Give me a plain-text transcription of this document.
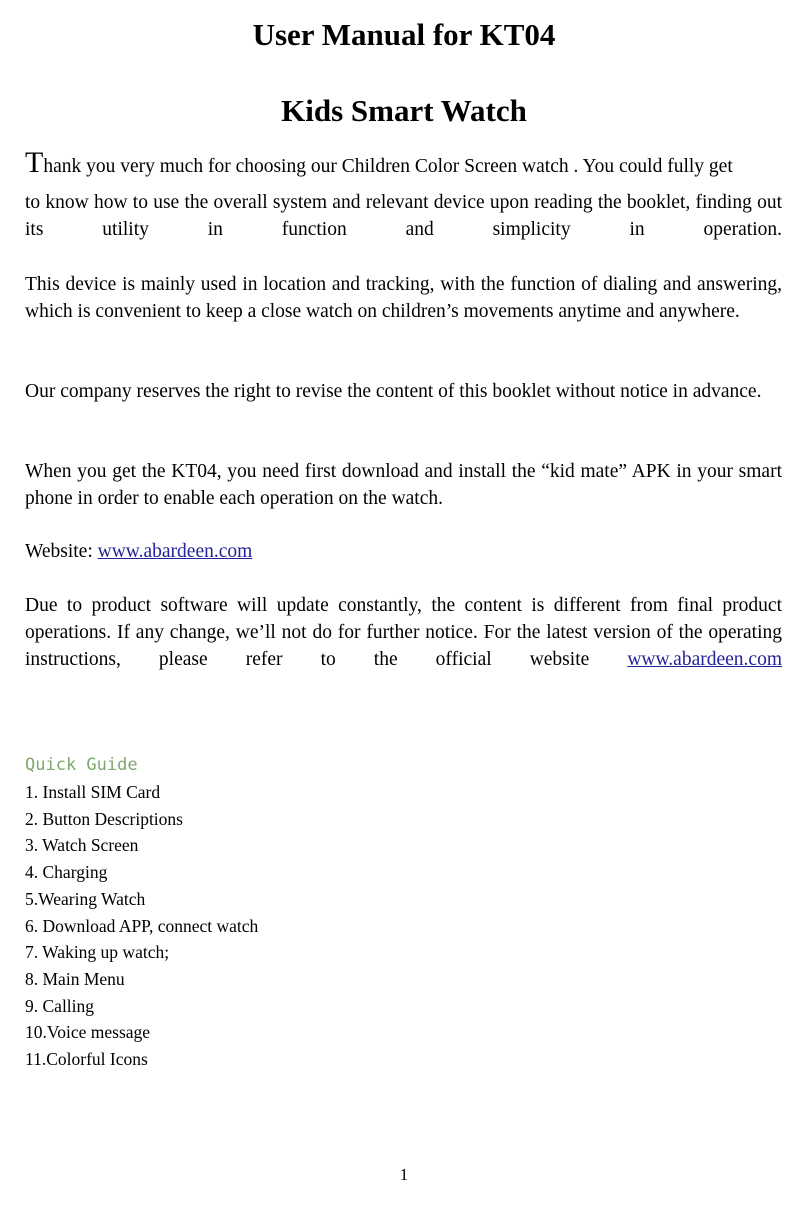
User Manual for KT04
Kids Smart Watch
Thank you very much for choosing our Children Color Screen watch . You could fully get
to know how to use the overall system and relevant device upon reading the booklet, finding out its utility in function and simplicity in operation.

This device is mainly used in location and tracking, with the function of dialing and answering, which is convenient to keep a close watch on children’s movements anytime and anywhere.

Our company reserves the right to revise the content of this booklet without notice in advance.

When you get the KT04, you need first download and install the “kid mate” APK in your smart phone in order to enable each operation on the watch.

Website: www.abardeen.com

Due to product software will update constantly, the content is different from final product operations. If any change, we’ll not do for further notice. For the latest version of the operating instructions, please refer to the official website www.abardeen.com

Quick Guide

1. Install SIM Card
2. Button Descriptions
3. Watch Screen
4. Charging
5.Wearing Watch
6. Download APP, connect watch
7. Waking up watch;
8. Main Menu
9. Calling
10.Voice message
11.Colorful Icons

1
